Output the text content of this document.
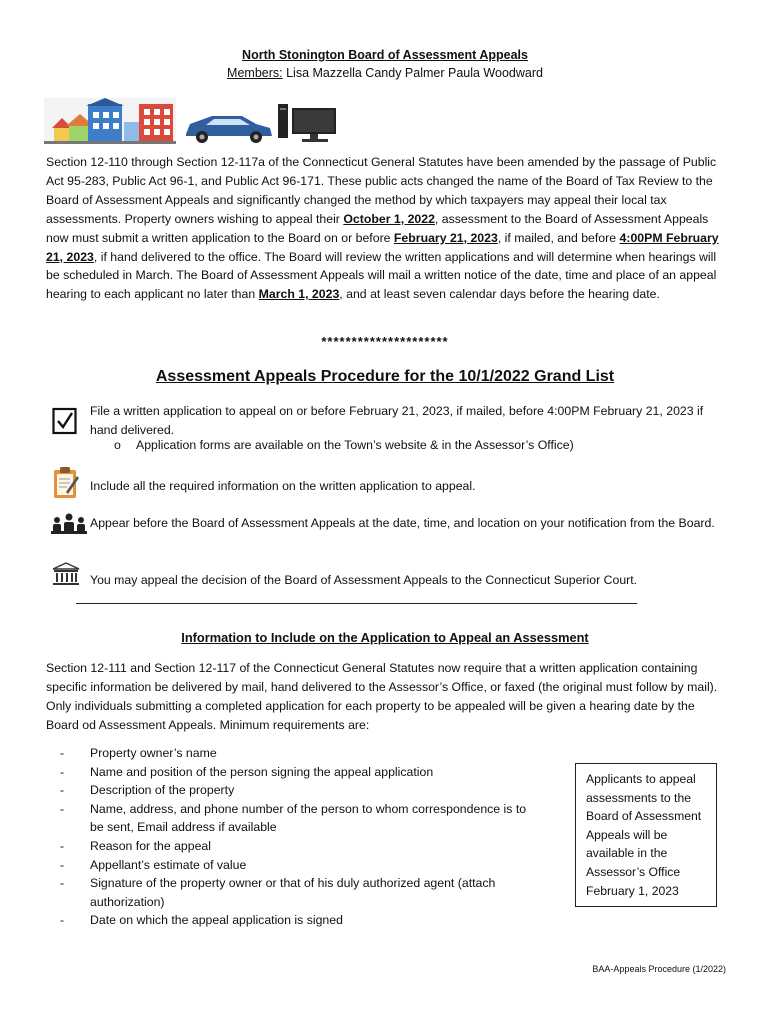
North Stonington Board of Assessment Appeals
Members: Lisa Mazzella Candy Palmer Paula Woodward
Section 12-110 through Section 12-117a of the Connecticut General Statutes have been amended by the passage of Public Act 95-283, Public Act 96-1, and Public Act 96-171. These public acts changed the name of the Board of Tax Review to the Board of Assessment Appeals and significantly changed the method by which taxpayers may appeal their local tax assessments. Property owners wishing to appeal their October 1, 2022, assessment to the Board of Assessment Appeals now must submit a written application to the Board on or before February 21, 2023, if mailed, and before 4:00PM February 21, 2023, if hand delivered to the office. The Board will review the written applications and will determine when hearings will be scheduled in March. The Board of Assessment Appeals will mail a written notice of the date, time and place of an appeal hearing to each applicant no later than March 1, 2023, and at least seven calendar days before the hearing date.
*********************
Assessment Appeals Procedure for the 10/1/2022 Grand List
File a written application to appeal on or before February 21, 2023, if mailed, before 4:00PM February 21, 2023 if hand delivered.
o Application forms are available on the Town’s website & in the Assessor’s Office)
Include all the required information on the written application to appeal.
Appear before the Board of Assessment Appeals at the date, time, and location on your notification from the Board.
You may appeal the decision of the Board of Assessment Appeals to the Connecticut Superior Court.
Information to Include on the Application to Appeal an Assessment
Section 12-111 and Section 12-117 of the Connecticut General Statutes now require that a written application containing specific information be delivered by mail, hand delivered to the Assessor’s Office, or faxed (the original must follow by mail). Only individuals submitting a completed application for each property to be appealed will be given a hearing date by the Board od Assessment Appeals. Minimum requirements are:
- Property owner’s name
- Name and position of the person signing the appeal application
- Description of the property
- Name, address, and phone number of the person to whom correspondence is to be sent, Email address if available
- Reason for the appeal
- Appellant’s estimate of value
- Signature of the property owner or that of his duly authorized agent (attach authorization)
- Date on which the appeal application is signed
Applicants to appeal assessments to the Board of Assessment Appeals will be available in the Assessor’s Office February 1, 2023
BAA-Appeals Procedure (1/2022)
